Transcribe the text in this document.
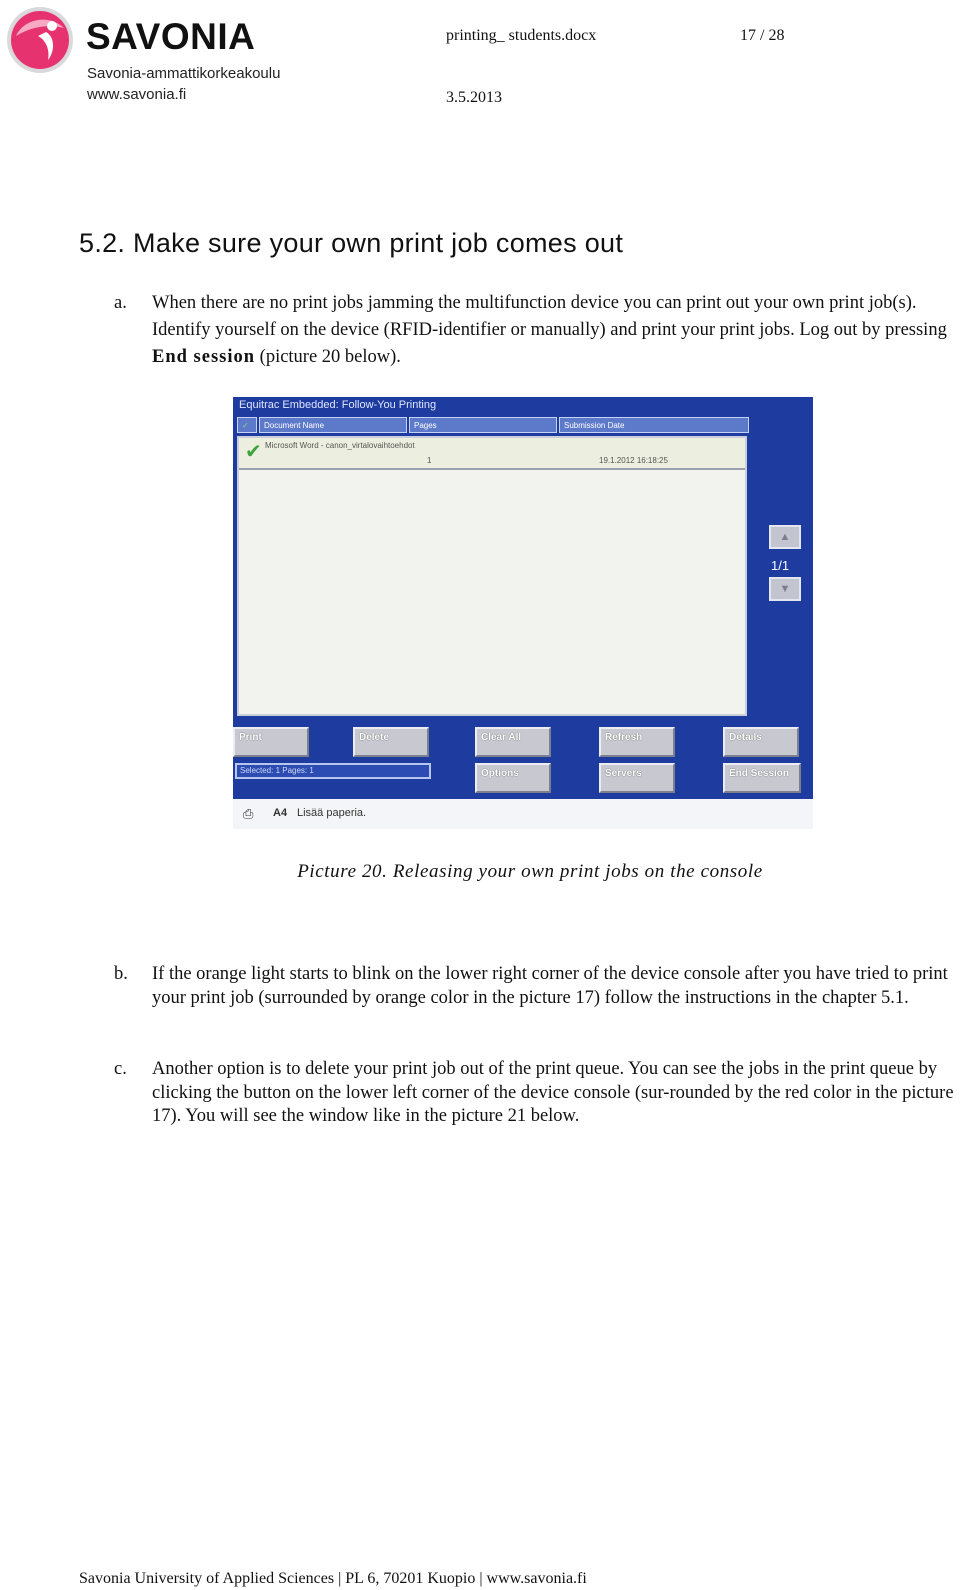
SAVONIA
Savonia-ammattikorkeakoulu
www.savonia.fi
printing_ students.docx	17 / 28
3.5.2013
5.2. Make sure your own print job comes out
a. When there are no print jobs jamming the multifunction device you can print out your own print job(s). Identify yourself on the device (RFID-identifier or manually) and print your print jobs. Log out by pressing End session (picture 20 below).
Equitrac Embedded: Follow-You Printing
✓	Document Name	Pages	Submission Date
✔ Microsoft Word - canon_virtalovaihtoehdot
1	19.1.2012 16:18:25
▲
1/1
▼
Print	Delete	Clear All	Refresh	Details
Selected: 1 Pages: 1	Options	Servers	End Session
⎙ A4 Lisää paperia.
Picture 20. Releasing your own print jobs on the console
b. If the orange light starts to blink on the lower right corner of the device console after you have tried to print your print job (surrounded by orange color in the picture 17) follow the instructions in the chapter 5.1.
c. Another option is to delete your print job out of the print queue. You can see the jobs in the print queue by clicking the button on the lower left corner of the device console (sur-rounded by the red color in the picture 17). You will see the window like in the picture 21 below.
Savonia University of Applied Sciences | PL 6, 70201 Kuopio | www.savonia.fi
